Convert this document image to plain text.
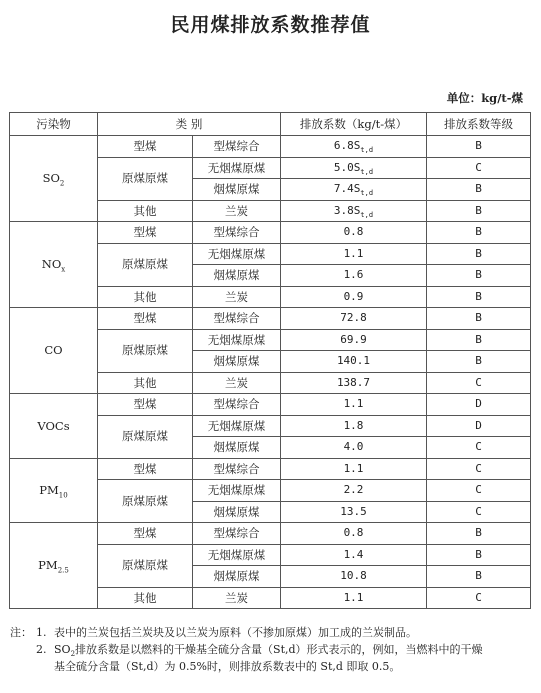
民用煤排放系数推荐值
单位：kg/t-煤
污染物	类 别		排放系数（kg/t-煤）	排放系数等级
$SO_2$	型煤	型煤综合	$6.8S_{t,d}$	B
	原煤原煤	无烟煤原煤	$5.0S_{t,d}$	C
		烟煤原煤	$7.4S_{t,d}$	B
	其他	兰炭	$3.8S_{t,d}$	B
$NO_x$	型煤	型煤综合	0.8	B
	原煤原煤	无烟煤原煤	1.1	B
		烟煤原煤	1.6	B
	其他	兰炭	0.9	B
CO	型煤	型煤综合	72.8	B
	原煤原煤	无烟煤原煤	69.9	B
		烟煤原煤	140.1	B
	其他	兰炭	138.7	C
VOCs	型煤	型煤综合	1.1	D
	原煤原煤	无烟煤原煤	1.8	D
		烟煤原煤	4.0	C
$PM_{10}$	型煤	型煤综合	1.1	C
	原煤原煤	无烟煤原煤	2.2	C
		烟煤原煤	13.5	C
$PM_{2.5}$	型煤	型煤综合	0.8	B
	原煤原煤	无烟煤原煤	1.4	B
		烟煤原煤	10.8	B
	其他	兰炭	1.1	C
注： 1. 表中的兰炭包括兰炭块及以兰炭为原料（不掺加原煤）加工成的兰炭制品。
2. $SO_2$排放系数是以燃料的干燥基全硫分含量（St,d）形式表示的，例如，当燃料中的干燥
基全硫分含量（St,d）为 0.5%时，则排放系数表中的 St,d 即取 0.5。
